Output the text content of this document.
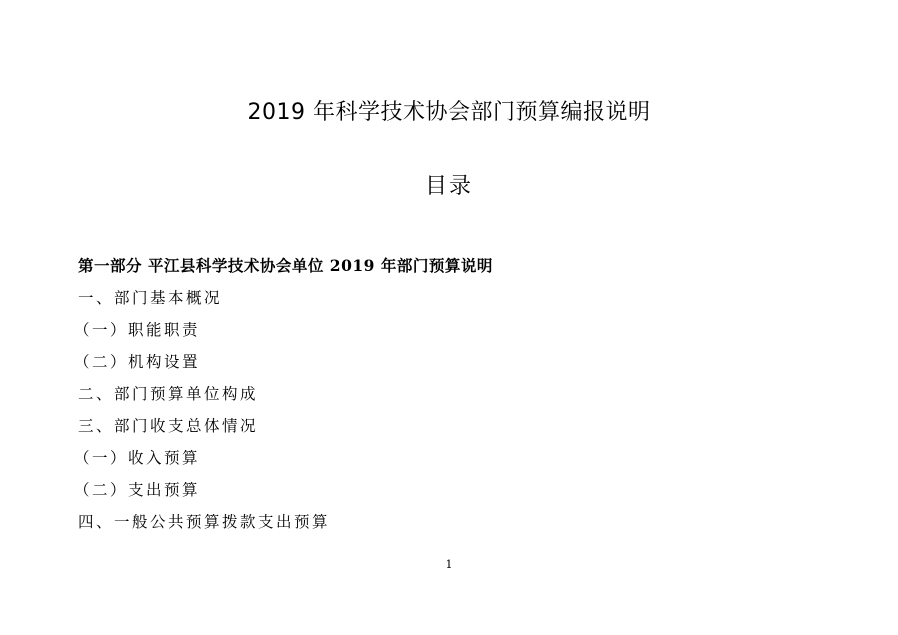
2019 年科学技术协会部门预算编报说明
目录
第一部分 平江县科学技术协会单位 2019 年部门预算说明
一、部门基本概况
（一）职能职责
（二）机构设置
二、部门预算单位构成
三、部门收支总体情况
（一）收入预算
（二）支出预算
四、一般公共预算拨款支出预算
1
